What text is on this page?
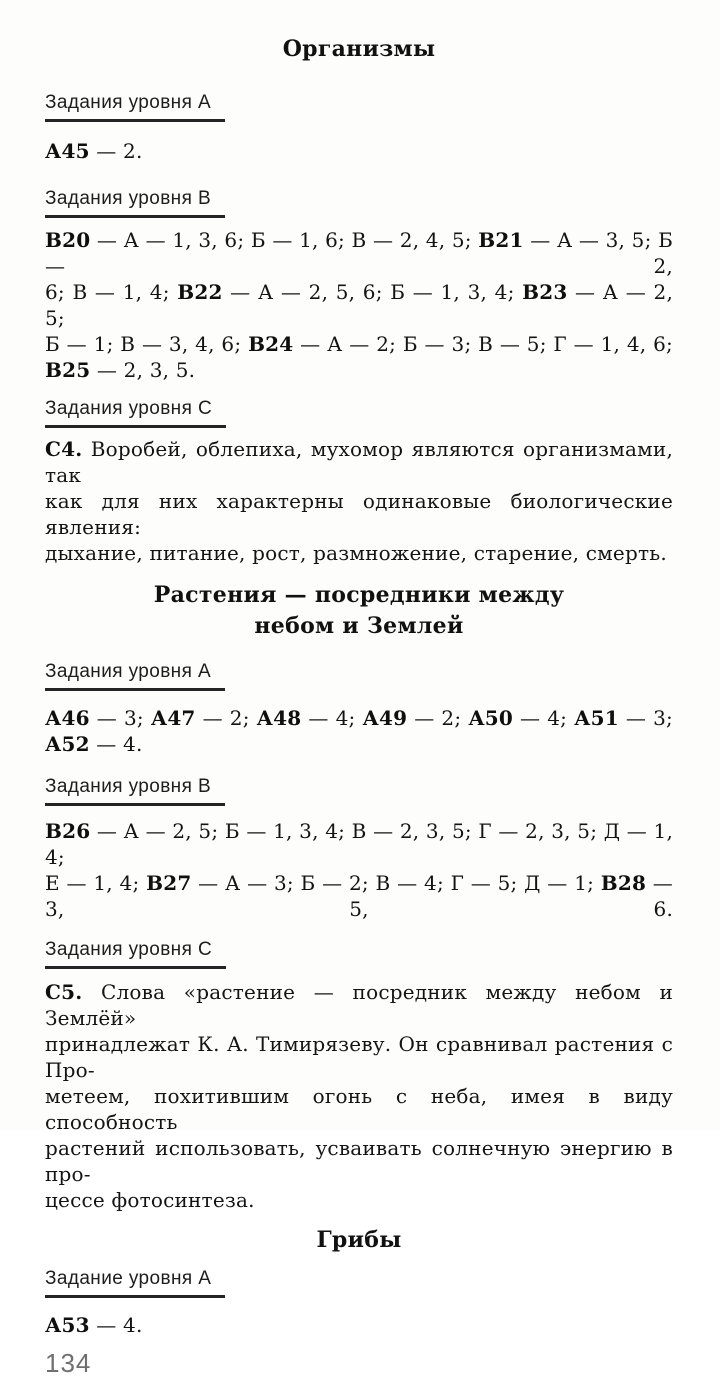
Организмы
Задания уровня А
А45 — 2.
Задания уровня В
В20 — А — 1, 3, 6; Б — 1, 6; В — 2, 4, 5; В21 — А — 3, 5; Б — 2,
6; В — 1, 4; В22 — А — 2, 5, 6; Б — 1, 3, 4; В23 — А — 2, 5;
Б — 1; В — 3, 4, 6; В24 — А — 2; Б — 3; В — 5; Г — 1, 4, 6;
В25 — 2, 3, 5.
Задания уровня С
С4. Воробей, облепиха, мухомор являются организмами, так
как для них характерны одинаковые биологические явления:
дыхание, питание, рост, размножение, старение, смерть.
Растения — посредники между
небом и Землей
Задания уровня А
А46 — 3; А47 — 2; А48 — 4; А49 — 2; А50 — 4; А51 — 3;
А52 — 4.
Задания уровня В
В26 — А — 2, 5; Б — 1, 3, 4; В — 2, 3, 5; Г — 2, 3, 5; Д — 1, 4;
Е — 1, 4; В27 — А — 3; Б — 2; В — 4; Г — 5; Д — 1; В28 — 3, 5, 6.
Задания уровня С
С5. Слова «растение — посредник между небом и Землёй»
принадлежат К. А. Тимирязеву. Он сравнивал растения с Про-
метеем, похитившим огонь с неба, имея в виду способность
растений использовать, усваивать солнечную энергию в про-
цессе фотосинтеза.
Грибы
Задание уровня А
А53 — 4.
134
